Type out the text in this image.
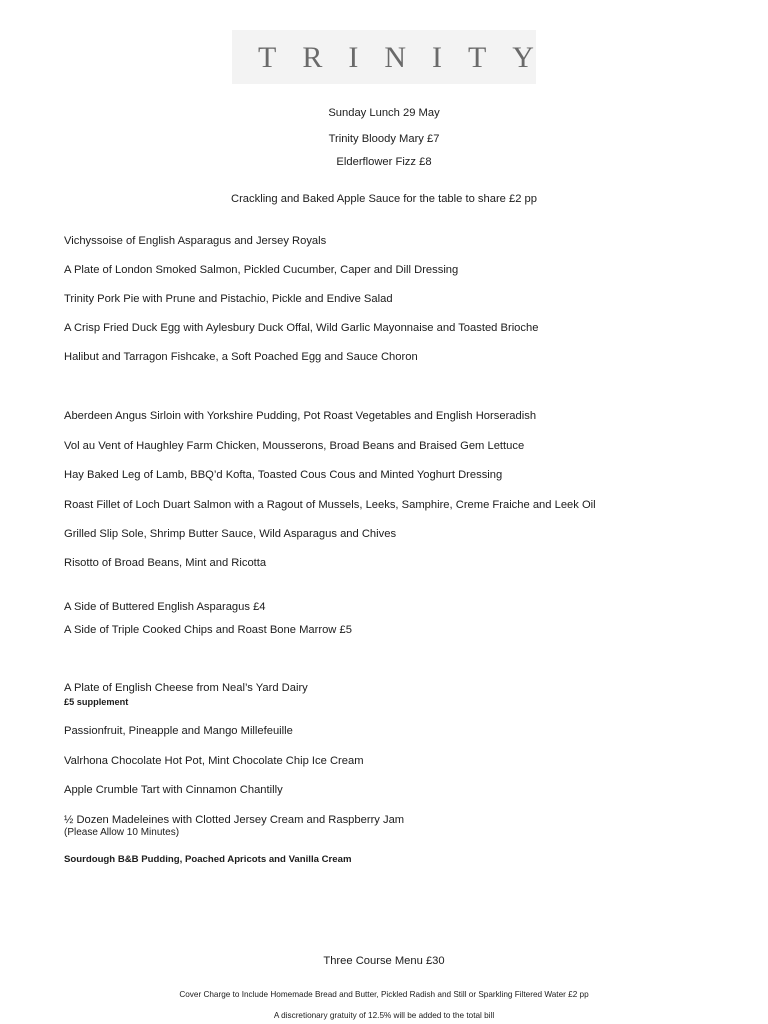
TRINITY
Sunday Lunch 29 May
Trinity Bloody Mary £7
Elderflower Fizz £8
Crackling and Baked Apple Sauce for the table to share £2 pp
Vichyssoise of English Asparagus and Jersey Royals
A Plate of London Smoked Salmon, Pickled Cucumber, Caper and Dill Dressing
Trinity Pork Pie with Prune and Pistachio, Pickle and Endive Salad
A Crisp Fried Duck Egg with Aylesbury Duck Offal, Wild Garlic Mayonnaise and Toasted Brioche
Halibut and Tarragon Fishcake, a Soft Poached Egg and Sauce Choron
Aberdeen Angus Sirloin with Yorkshire Pudding, Pot Roast Vegetables and English Horseradish
Vol au Vent of Haughley Farm Chicken, Mousserons, Broad Beans and Braised Gem Lettuce
Hay Baked Leg of Lamb, BBQ’d Kofta, Toasted Cous Cous and Minted Yoghurt Dressing
Roast Fillet of Loch Duart Salmon with a Ragout of Mussels, Leeks, Samphire, Creme Fraiche and Leek Oil
Grilled Slip Sole, Shrimp Butter Sauce, Wild Asparagus and Chives
Risotto of Broad Beans, Mint and Ricotta
A Side of Buttered English Asparagus £4
A Side of Triple Cooked Chips and Roast Bone Marrow £5
A Plate of English Cheese from Neal’s Yard Dairy
£5 supplement
Passionfruit, Pineapple and Mango Millefeuille
Valrhona Chocolate Hot Pot, Mint Chocolate Chip Ice Cream
Apple Crumble Tart with Cinnamon Chantilly
½ Dozen Madeleines with Clotted Jersey Cream and Raspberry Jam
(Please Allow 10 Minutes)
Sourdough B&B Pudding, Poached Apricots and Vanilla Cream
Three Course Menu £30
Cover Charge to Include Homemade Bread and Butter, Pickled Radish and Still or Sparkling Filtered Water £2 pp
A discretionary gratuity of 12.5% will be added to the total bill
